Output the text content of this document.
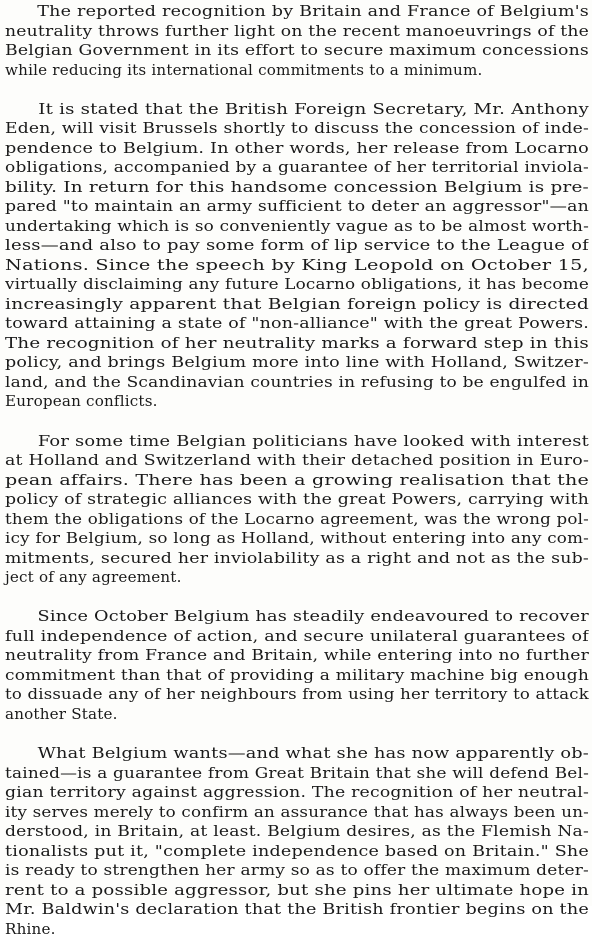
The reported recognition by Britain and France of Belgium's
neutrality throws further light on the recent manoeuvrings of the
Belgian Government in its effort to secure maximum concessions
while reducing its international commitments to a minimum.
It is stated that the British Foreign Secretary, Mr. Anthony
Eden, will visit Brussels shortly to discuss the concession of inde-
pendence to Belgium. In other words, her release from Locarno
obligations, accompanied by a guarantee of her territorial inviola-
bility. In return for this handsome concession Belgium is pre-
pared "to maintain an army sufficient to deter an aggressor"—an
undertaking which is so conveniently vague as to be almost worth-
less—and also to pay some form of lip service to the League of
Nations. Since the speech by King Leopold on October 15,
virtually disclaiming any future Locarno obligations, it has become
increasingly apparent that Belgian foreign policy is directed
toward attaining a state of "non-alliance" with the great Powers.
The recognition of her neutrality marks a forward step in this
policy, and brings Belgium more into line with Holland, Switzer-
land, and the Scandinavian countries in refusing to be engulfed in
European conflicts.
For some time Belgian politicians have looked with interest
at Holland and Switzerland with their detached position in Euro-
pean affairs. There has been a growing realisation that the
policy of strategic alliances with the great Powers, carrying with
them the obligations of the Locarno agreement, was the wrong pol-
icy for Belgium, so long as Holland, without entering into any com-
mitments, secured her inviolability as a right and not as the sub-
ject of any agreement.
Since October Belgium has steadily endeavoured to recover
full independence of action, and secure unilateral guarantees of
neutrality from France and Britain, while entering into no further
commitment than that of providing a military machine big enough
to dissuade any of her neighbours from using her territory to attack
another State.
What Belgium wants—and what she has now apparently ob-
tained—is a guarantee from Great Britain that she will defend Bel-
gian territory against aggression. The recognition of her neutral-
ity serves merely to confirm an assurance that has always been un-
derstood, in Britain, at least. Belgium desires, as the Flemish Na-
tionalists put it, "complete independence based on Britain." She
is ready to strengthen her army so as to offer the maximum deter-
rent to a possible aggressor, but she pins her ultimate hope in
Mr. Baldwin's declaration that the British frontier begins on the
Rhine.
